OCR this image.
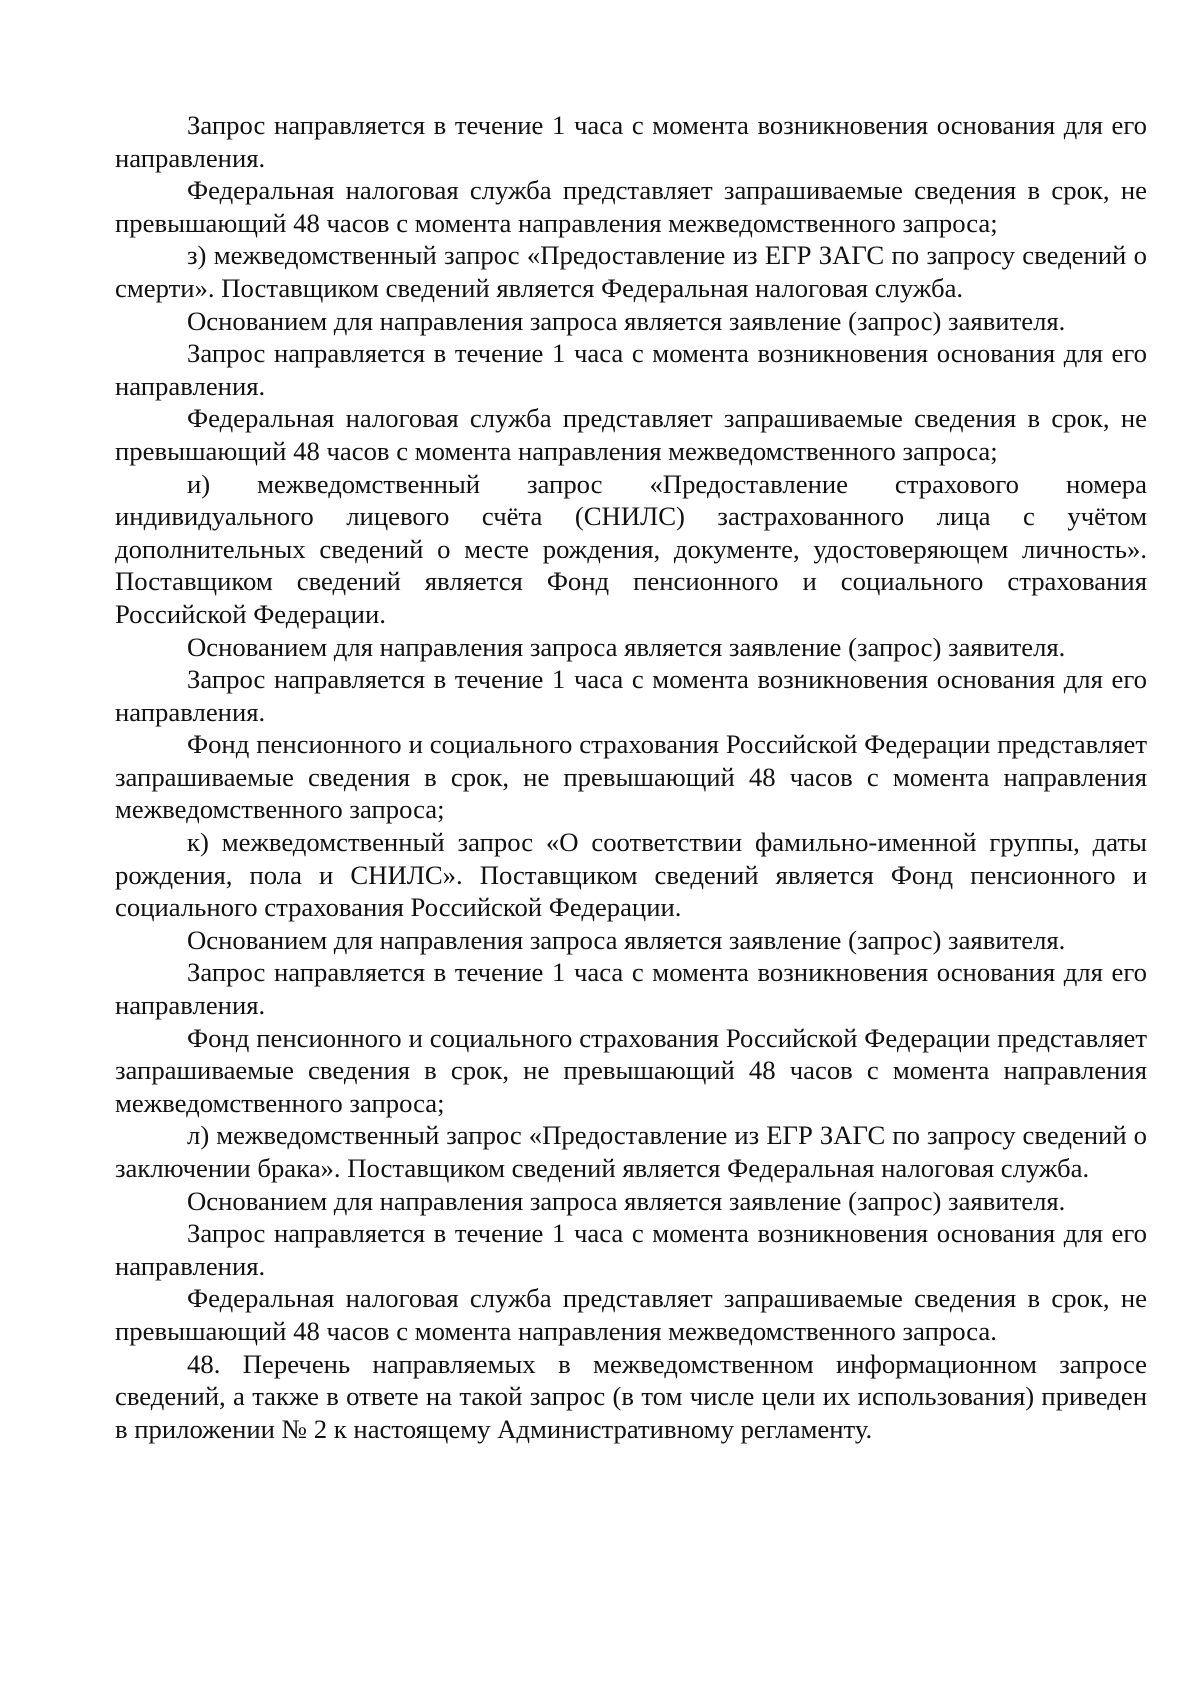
Запрос направляется в течение 1 часа с момента возникновения основания для его направления.

Федеральная налоговая служба представляет запрашиваемые сведения в срок, не превышающий 48 часов с момента направления межведомственного запроса;

з) межведомственный запрос «Предоставление из ЕГР ЗАГС по запросу сведений о смерти». Поставщиком сведений является Федеральная налоговая служба.

Основанием для направления запроса является заявление (запрос) заявителя.

Запрос направляется в течение 1 часа с момента возникновения основания для его направления.

Федеральная налоговая служба представляет запрашиваемые сведения в срок, не превышающий 48 часов с момента направления межведомственного запроса;

и) межведомственный запрос «Предоставление страхового номера индивидуального лицевого счёта (СНИЛС) застрахованного лица с учётом дополнительных сведений о месте рождения, документе, удостоверяющем личность». Поставщиком сведений является Фонд пенсионного и социального страхования Российской Федерации.

Основанием для направления запроса является заявление (запрос) заявителя.

Запрос направляется в течение 1 часа с момента возникновения основания для его направления.

Фонд пенсионного и социального страхования Российской Федерации представляет запрашиваемые сведения в срок, не превышающий 48 часов с момента направления межведомственного запроса;

к) межведомственный запрос «О соответствии фамильно-именной группы, даты рождения, пола и СНИЛС». Поставщиком сведений является Фонд пенсионного и социального страхования Российской Федерации.

Основанием для направления запроса является заявление (запрос) заявителя.

Запрос направляется в течение 1 часа с момента возникновения основания для его направления.

Фонд пенсионного и социального страхования Российской Федерации представляет запрашиваемые сведения в срок, не превышающий 48 часов с момента направления межведомственного запроса;

л) межведомственный запрос «Предоставление из ЕГР ЗАГС по запросу сведений о заключении брака». Поставщиком сведений является Федеральная налоговая служба.

Основанием для направления запроса является заявление (запрос) заявителя.

Запрос направляется в течение 1 часа с момента возникновения основания для его направления.

Федеральная налоговая служба представляет запрашиваемые сведения в срок, не превышающий 48 часов с момента направления межведомственного запроса.

48. Перечень направляемых в межведомственном информационном запросе сведений, а также в ответе на такой запрос (в том числе цели их использования) приведен в приложении № 2 к настоящему Административному регламенту.
